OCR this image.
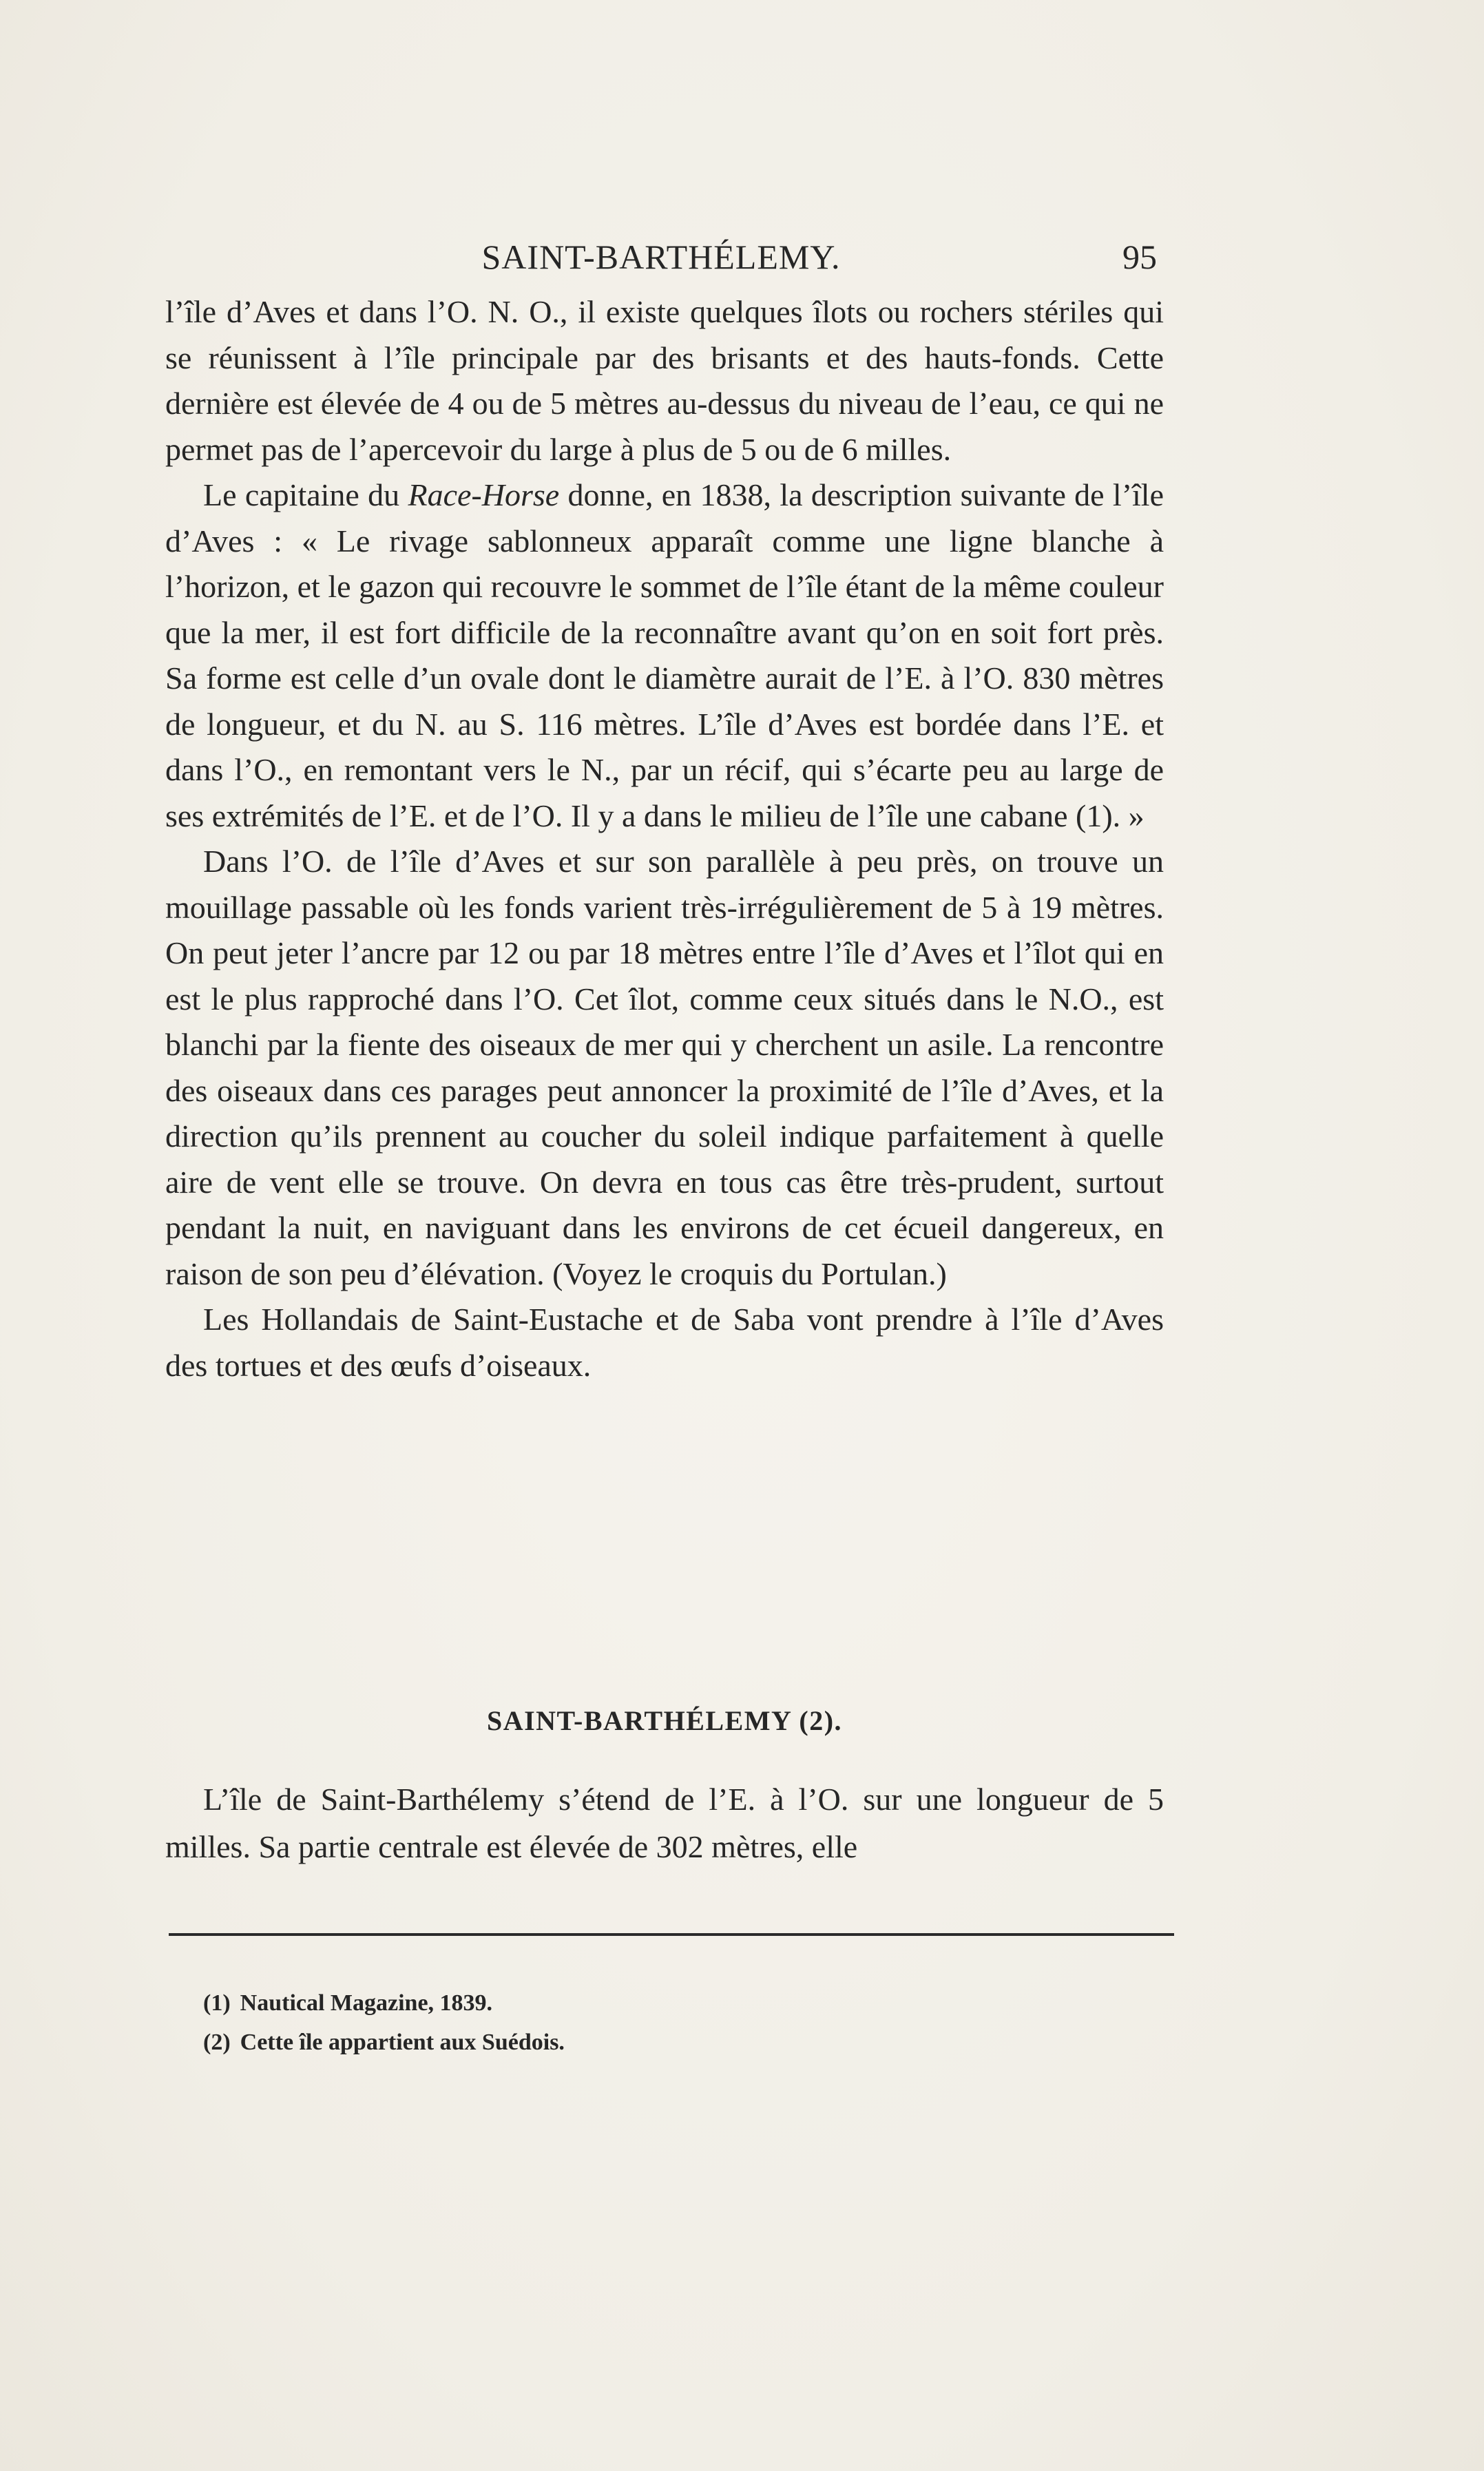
SAINT-BARTHÉLEMY.	95

l’île d’Aves et dans l’O. N. O., il existe quelques îlots ou rochers stériles qui se réunissent à l’île principale par des brisants et des hauts-fonds. Cette dernière est élevée de 4 ou de 5 mètres au-dessus du niveau de l’eau, ce qui ne permet pas de l’apercevoir du large à plus de 5 ou de 6 milles.

Le capitaine du Race-Horse donne, en 1838, la description suivante de l’île d’Aves : « Le rivage sablonneux apparaît comme une ligne blanche à l’horizon, et le gazon qui recouvre le sommet de l’île étant de la même couleur que la mer, il est fort difficile de la reconnaître avant qu’on en soit fort près. Sa forme est celle d’un ovale dont le diamètre aurait de l’E. à l’O. 830 mètres de longueur, et du N. au S. 116 mètres. L’île d’Aves est bordée dans l’E. et dans l’O., en remontant vers le N., par un récif, qui s’écarte peu au large de ses extrémités de l’E. et de l’O. Il y a dans le milieu de l’île une cabane (1). »

Dans l’O. de l’île d’Aves et sur son parallèle à peu près, on trouve un mouillage passable où les fonds varient très-irrégulièrement de 5 à 19 mètres. On peut jeter l’ancre par 12 ou par 18 mètres entre l’île d’Aves et l’îlot qui en est le plus rapproché dans l’O. Cet îlot, comme ceux situés dans le N.O., est blanchi par la fiente des oiseaux de mer qui y cherchent un asile. La rencontre des oiseaux dans ces parages peut annoncer la proximité de l’île d’Aves, et la direction qu’ils prennent au coucher du soleil indique parfaitement à quelle aire de vent elle se trouve. On devra en tous cas être très-prudent, surtout pendant la nuit, en naviguant dans les environs de cet écueil dangereux, en raison de son peu d’élévation. (Voyez le croquis du Portulan.)

Les Hollandais de Saint-Eustache et de Saba vont prendre à l’île d’Aves des tortues et des œufs d’oiseaux.

SAINT-BARTHÉLEMY (2).

L’île de Saint-Barthélemy s’étend de l’E. à l’O. sur une longueur de 5 milles. Sa partie centrale est élevée de 302 mètres, elle

(1) Nautical Magazine, 1839.
(2) Cette île appartient aux Suédois.
